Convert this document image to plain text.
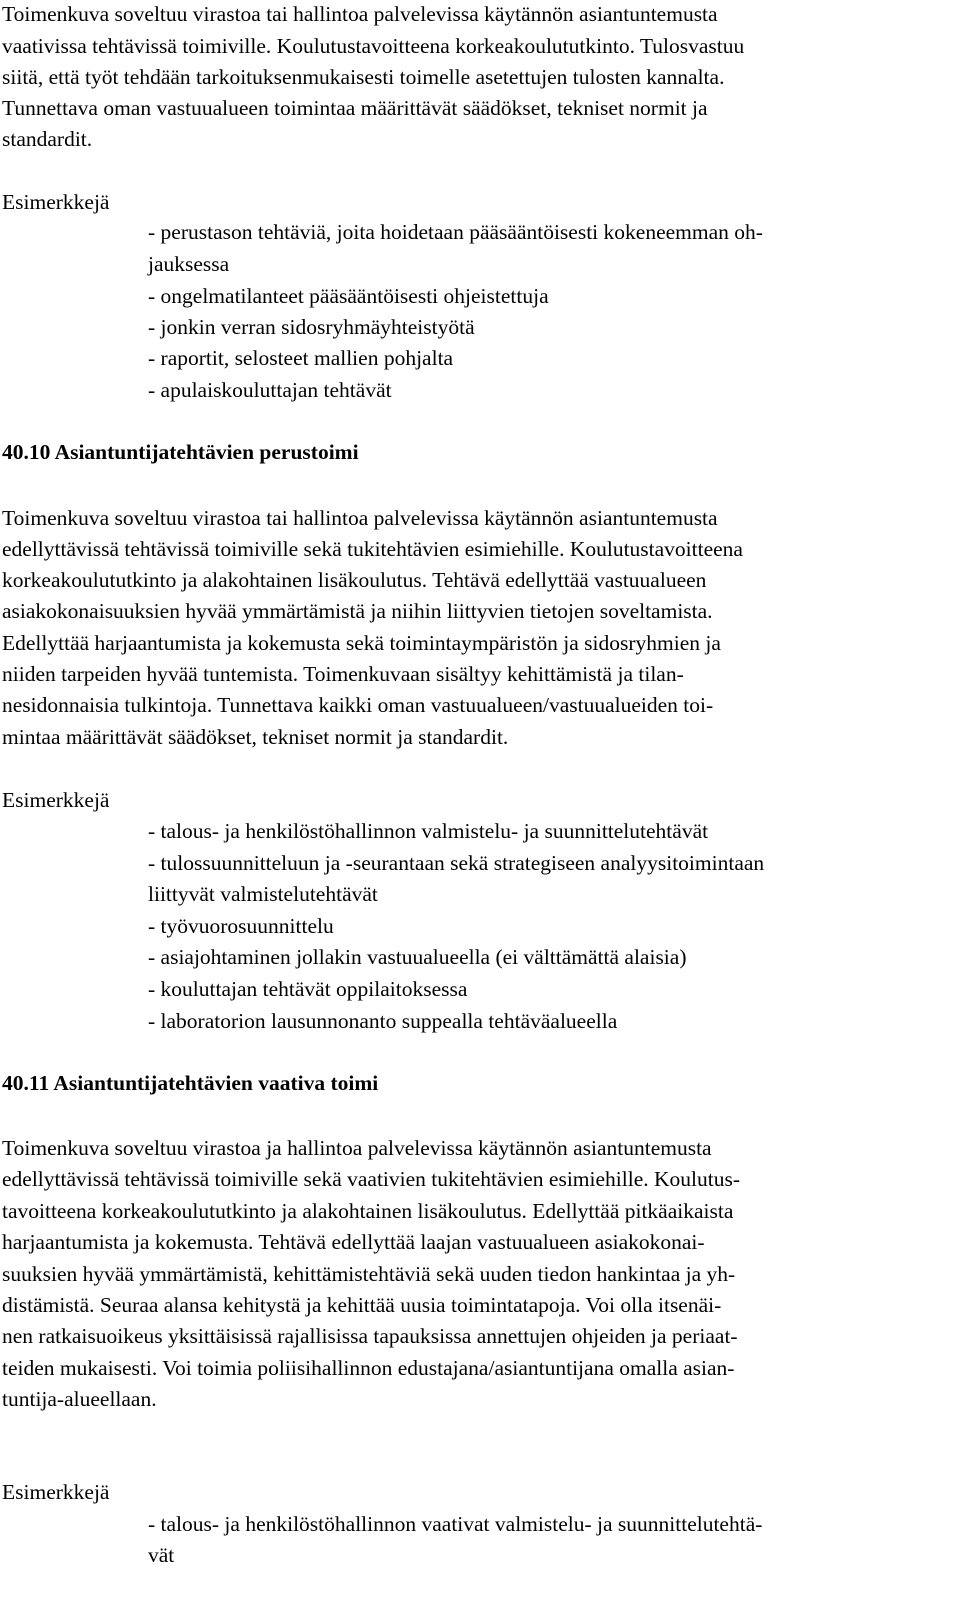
Toimenkuva soveltuu virastoa tai hallintoa palvelevissa käytännön asiantuntemusta
vaativissa tehtävissä toimiville. Koulutustavoitteena korkeakoulututkinto. Tulosvastuu
siitä, että työt tehdään tarkoituksenmukaisesti toimelle asetettujen tulosten kannalta.
Tunnettava oman vastuualueen toimintaa määrittävät säädökset, tekniset normit ja
standardit.
Esimerkkejä
- perustason tehtäviä, joita hoidetaan pääsääntöisesti kokeneemman oh-
jauksessa
- ongelmatilanteet pääsääntöisesti ohjeistettuja
- jonkin verran sidosryhmäyhteistyötä
- raportit, selosteet mallien pohjalta
- apulaiskouluttajan tehtävät
40.10 Asiantuntijatehtävien perustoimi
Toimenkuva soveltuu virastoa tai hallintoa palvelevissa käytännön asiantuntemusta
edellyttävissä tehtävissä toimiville sekä tukitehtävien esimiehille. Koulutustavoitteena
korkeakoulututkinto ja alakohtainen lisäkoulutus. Tehtävä edellyttää vastuualueen
asiakokonaisuuksien hyvää ymmärtämistä ja niihin liittyvien tietojen soveltamista.
Edellyttää harjaantumista ja kokemusta sekä toimintaympäristön ja sidosryhmien ja
niiden tarpeiden hyvää tuntemista. Toimenkuvaan sisältyy kehittämistä ja tilan-
nesidonnaisia tulkintoja. Tunnettava kaikki oman vastuualueen/vastuualueiden toi-
mintaa määrittävät säädökset, tekniset normit ja standardit.
Esimerkkejä
- talous- ja henkilöstöhallinnon valmistelu- ja suunnittelutehtävät
- tulossuunnitteluun ja -seurantaan sekä strategiseen analyysitoimintaan
liittyvät valmistelutehtävät
- työvuorosuunnittelu
- asiajohtaminen jollakin vastuualueella (ei välttämättä alaisia)
- kouluttajan tehtävät oppilaitoksessa
- laboratorion lausunnonanto suppealla tehtäväalueella
40.11 Asiantuntijatehtävien vaativa toimi
Toimenkuva soveltuu virastoa ja hallintoa palvelevissa käytännön asiantuntemusta
edellyttävissä tehtävissä toimiville sekä vaativien tukitehtävien esimiehille. Koulutus-
tavoitteena korkeakoulututkinto ja alakohtainen lisäkoulutus. Edellyttää pitkäaikaista
harjaantumista ja kokemusta. Tehtävä edellyttää laajan vastuualueen asiakokonai-
suuksien hyvää ymmärtämistä, kehittämistehtäviä sekä uuden tiedon hankintaa ja yh-
distämistä. Seuraa alansa kehitystä ja kehittää uusia toimintatapoja. Voi olla itsenäi-
nen ratkaisuoikeus yksittäisissä rajallisissa tapauksissa annettujen ohjeiden ja periaat-
teiden mukaisesti. Voi toimia poliisihallinnon edustajana/asiantuntijana omalla asian-
tuntija-alueellaan.
Esimerkkejä
- talous- ja henkilöstöhallinnon vaativat valmistelu- ja suunnittelutehtä-
vät
